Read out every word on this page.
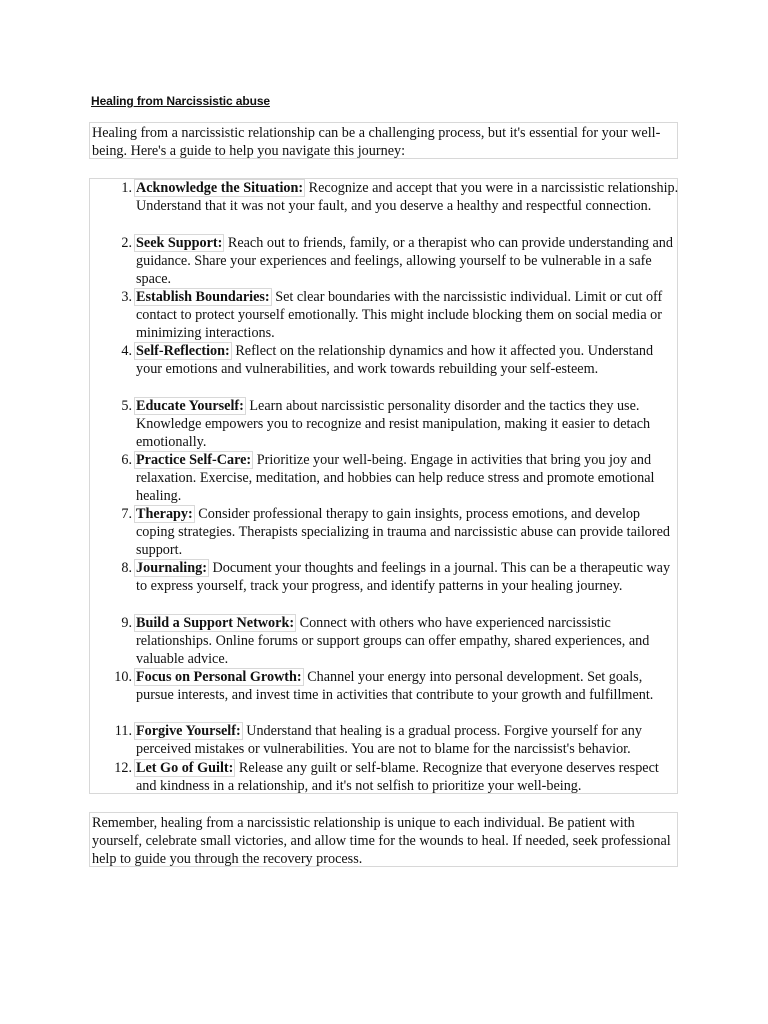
Healing from Narcissistic abuse
Healing from a narcissistic relationship can be a challenging process, but it's essential for your well-being. Here's a guide to help you navigate this journey:
1. Acknowledge the Situation: Recognize and accept that you were in a narcissistic relationship. Understand that it was not your fault, and you deserve a healthy and respectful connection.
2. Seek Support: Reach out to friends, family, or a therapist who can provide understanding and guidance. Share your experiences and feelings, allowing yourself to be vulnerable in a safe space.
3. Establish Boundaries: Set clear boundaries with the narcissistic individual. Limit or cut off contact to protect yourself emotionally. This might include blocking them on social media or minimizing interactions.
4. Self-Reflection: Reflect on the relationship dynamics and how it affected you. Understand your emotions and vulnerabilities, and work towards rebuilding your self-esteem.
5. Educate Yourself: Learn about narcissistic personality disorder and the tactics they use. Knowledge empowers you to recognize and resist manipulation, making it easier to detach emotionally.
6. Practice Self-Care: Prioritize your well-being. Engage in activities that bring you joy and relaxation. Exercise, meditation, and hobbies can help reduce stress and promote emotional healing.
7. Therapy: Consider professional therapy to gain insights, process emotions, and develop coping strategies. Therapists specializing in trauma and narcissistic abuse can provide tailored support.
8. Journaling: Document your thoughts and feelings in a journal. This can be a therapeutic way to express yourself, track your progress, and identify patterns in your healing journey.
9. Build a Support Network: Connect with others who have experienced narcissistic relationships. Online forums or support groups can offer empathy, shared experiences, and valuable advice.
10. Focus on Personal Growth: Channel your energy into personal development. Set goals, pursue interests, and invest time in activities that contribute to your growth and fulfillment.
11. Forgive Yourself: Understand that healing is a gradual process. Forgive yourself for any perceived mistakes or vulnerabilities. You are not to blame for the narcissist's behavior.
12. Let Go of Guilt: Release any guilt or self-blame. Recognize that everyone deserves respect and kindness in a relationship, and it's not selfish to prioritize your well-being.
Remember, healing from a narcissistic relationship is unique to each individual. Be patient with yourself, celebrate small victories, and allow time for the wounds to heal. If needed, seek professional help to guide you through the recovery process.
